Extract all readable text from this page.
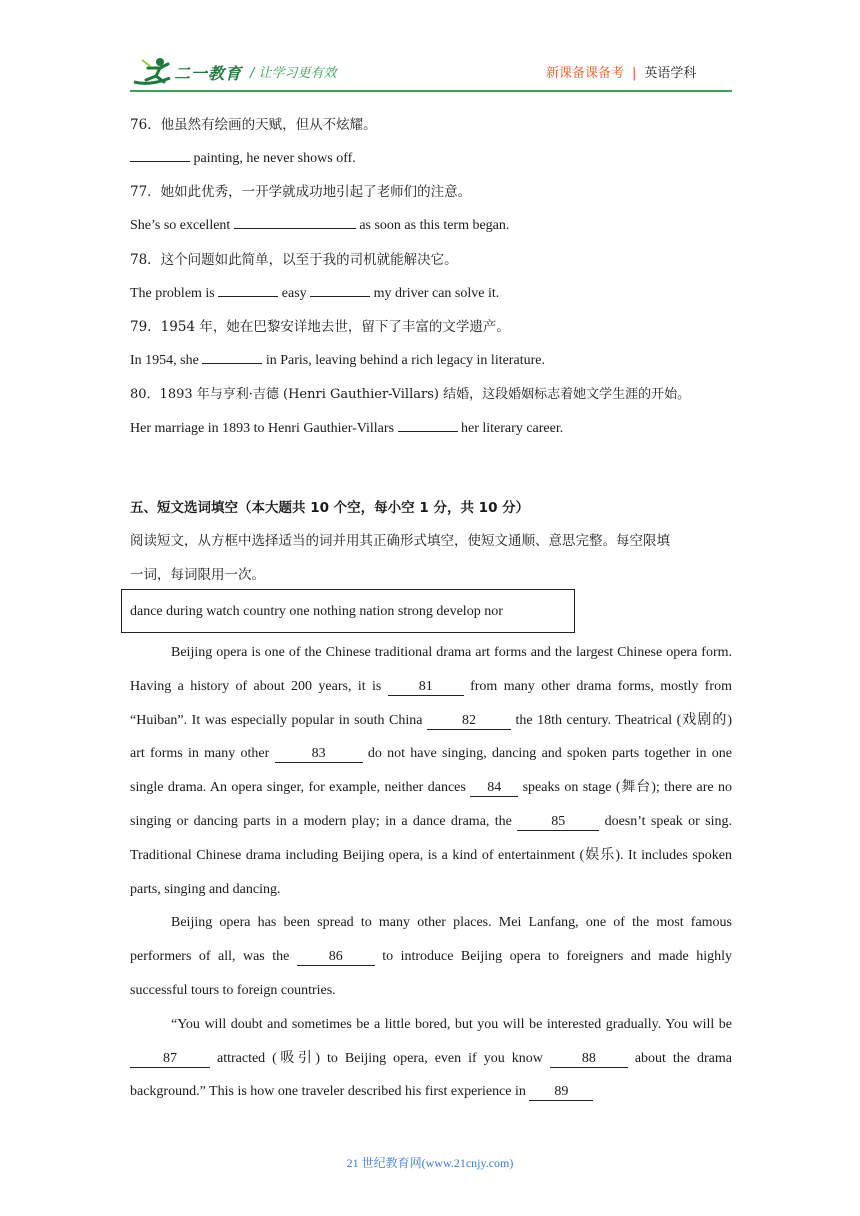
二一教育 / 让学习更有效	新课备课备考 | 英语学科
76．他虽然有绘画的天赋，但从不炫耀。
painting, he never shows off.
77．她如此优秀，一开学就成功地引起了老师们的注意。
She’s so excellent	as soon as this term began.
78．这个问题如此简单，以至于我的司机就能解决它。
The problem is	easy	my driver can solve it.
79．1954 年，她在巴黎安详地去世，留下了丰富的文学遗产。
In 1954, she	in Paris, leaving behind a rich legacy in literature.
80．1893 年与亨利·吉德 (Henri Gauthier-Villars) 结婚，这段婚姻标志着她文学生涯的开始。
Her marriage in 1893 to Henri Gauthier-Villars	her literary career.
五、短文选词填空（本大题共 10 个空，每小空 1 分，共 10 分）
阅读短文，从方框中选择适当的词并用其正确形式填空，使短文通顺、意思完整。每空限填
一词，每词限用一次。
dance during watch country one nothing nation strong develop nor

Beijing opera is one of the Chinese traditional drama art forms and the largest Chinese opera form. Having a history of about 200 years, it is 81 from many other drama forms, mostly from “Huiban”. It was especially popular in south China	82	the 18th century. Theatrical (戏剧的) art forms in many other	83	do not have singing, dancing and spoken parts together in one single drama. An opera singer, for example, neither dances 84 speaks on stage (舞台); there are no singing or dancing parts in a modern play; in a dance drama, the 85 doesn’t speak or sing. Traditional Chinese drama including Beijing opera, is a kind of entertainment (娱乐). It includes spoken parts, singing and dancing.

Beijing opera has been spread to many other places. Mei Lanfang, one of the most famous performers of all, was the 86 to introduce Beijing opera to foreigners and made highly successful tours to foreign countries.

“You will doubt and sometimes be a little bored, but you will be interested gradually. You will be 87 attracted (吸引) to Beijing opera, even if you know 88 about the drama background.” This is how one traveler described his first experience in 89

21 世纪教育网(www.21cnjy.com)
